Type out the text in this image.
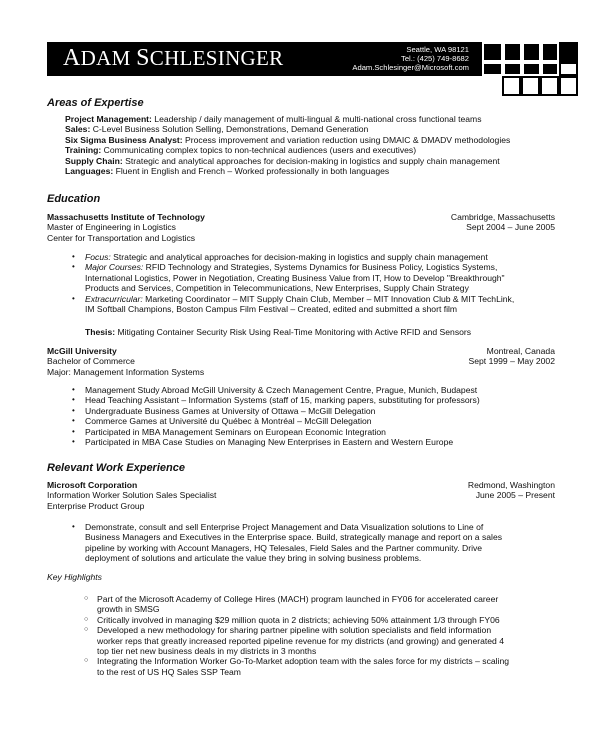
ADAM SCHLESINGER	Seattle, WA 98121
Tel.: (425) 749-8682
Adam.Schlesinger@Microsoft.com
Areas of Expertise
Project Management: Leadership / daily management of multi-lingual & multi-national cross functional teams
Sales: C-Level Business Solution Selling, Demonstrations, Demand Generation
Six Sigma Business Analyst: Process improvement and variation reduction using DMAIC & DMADV methodologies
Training: Communicating complex topics to non-technical audiences (users and executives)
Supply Chain: Strategic and analytical approaches for decision-making in logistics and supply chain management
Languages: Fluent in English and French – Worked professionally in both languages
Education
Massachusetts Institute of Technology	Cambridge, Massachusetts
Master of Engineering in Logistics	Sept 2004 – June 2005
Center for Transportation and Logistics
• Focus: Strategic and analytical approaches for decision-making in logistics and supply chain management
• Major Courses: RFID Technology and Strategies, Systems Dynamics for Business Policy, Logistics Systems,
International Logistics, Power in Negotiation, Creating Business Value from IT, How to Develop "Breakthrough"
Products and Services, Competition in Telecommunications, New Enterprises, Supply Chain Strategy
• Extracurricular: Marketing Coordinator – MIT Supply Chain Club, Member – MIT Innovation Club & MIT TechLink,
IM Softball Champions, Boston Campus Film Festival – Created, edited and submitted a short film
Thesis: Mitigating Container Security Risk Using Real-Time Monitoring with Active RFID and Sensors
McGill University	Montreal, Canada
Bachelor of Commerce	Sept 1999 – May 2002
Major: Management Information Systems
• Management Study Abroad McGill University & Czech Management Centre, Prague, Munich, Budapest
• Head Teaching Assistant – Information Systems (staff of 15, marking papers, substituting for professors)
• Undergraduate Business Games at University of Ottawa – McGill Delegation
• Commerce Games at Université du Québec à Montréal – McGill Delegation
• Participated in MBA Management Seminars on European Economic Integration
• Participated in MBA Case Studies on Managing New Enterprises in Eastern and Western Europe
Relevant Work Experience
Microsoft Corporation	Redmond, Washington
Information Worker Solution Sales Specialist	June 2005 – Present
Enterprise Product Group
• Demonstrate, consult and sell Enterprise Project Management and Data Visualization solutions to Line of
Business Managers and Executives in the Enterprise space. Build, strategically manage and report on a sales
pipeline by working with Account Managers, HQ Telesales, Field Sales and the Partner community. Drive
deployment of solutions and articulate the value they bring in solving business problems.
Key Highlights
○ Part of the Microsoft Academy of College Hires (MACH) program launched in FY06 for accelerated career
growth in SMSG
○ Critically involved in managing $29 million quota in 2 districts; achieving 50% attainment 1/3 through FY06
○ Developed a new methodology for sharing partner pipeline with solution specialists and field information
worker reps that greatly increased reported pipeline revenue for my districts (and growing) and generated 4
top tier net new business deals in my districts in 3 months
○ Integrating the Information Worker Go-To-Market adoption team with the sales force for my districts – scaling
to the rest of US HQ Sales SSP Team
